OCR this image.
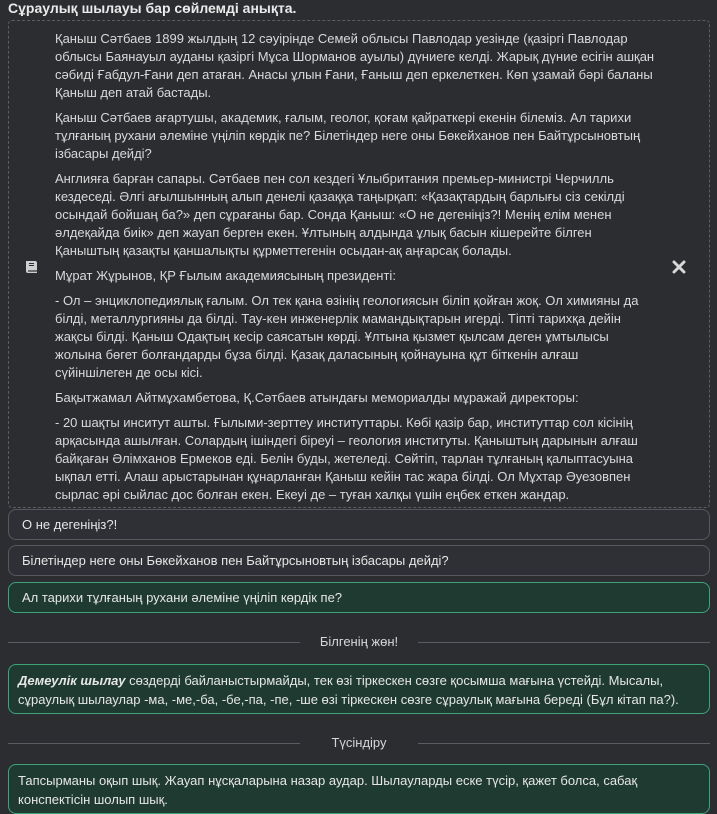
Сұраулық шылауы бар сөйлемді анықта.

Қаныш Сәтбаев 1899 жылдың 12 сәуірінде Семей облысы Павлодар уезінде (қазіргі Павлодар облысы Баянауыл ауданы қазіргі Мұса Шорманов ауылы) дүниеге келді. Жарық дүние есігін ашқан сәбиді Ғабдул-Ғани деп атаған. Анасы ұлын Ғани, Ғаныш деп еркелеткен. Көп ұзамай бәрі баланы Қаныш деп атай бастады.

Қаныш Сәтбаев ағартушы, академик, ғалым, геолог, қоғам қайраткері екенін білеміз. Ал тарихи тұлғаның рухани әлеміне үңіліп көрдік пе? Білетіндер неге оны Бөкейханов пен Байтұрсыновтың ізбасары дейді?

Англияға барған сапары. Сәтбаев пен сол кездегі Ұлыбритания премьер-министрі Черчилль кездеседі. Әлгі ағылшынның алып денелі қазаққа таңырқап: «Қазақтардың барлығы сіз секілді осындай бойшаң ба?» деп сұрағаны бар. Сонда Қаныш: «О не дегеніңіз?! Менің елім менен әлдеқайда биік» деп жауап берген екен. Ұлтының алдында ұлық басын кішерейте білген Қаныштың қазақты қаншалықты құрметтегенін осыдан-ақ аңғарсақ болады.

Мұрат Жұрынов, ҚР Ғылым академиясының президенті:

- Ол – энциклопедиялық ғалым. Ол тек қана өзінің геологиясын біліп қойған жоқ. Ол химияны да білді, металлургияны да білді. Тау-кен инженерлік мамандықтарын игерді. Тіпті тарихқа дейін жақсы білді. Қаныш Одақтың кесір саясатын көрді. Ұлтына қызмет қылсам деген ұмтылысы жолына бөгет болғандарды бұза білді. Қазақ даласының қойнауына құт біткенін алғаш сүйіншілеген де осы кісі.

Бақытжамал Айтмұхамбетова, Қ.Сәтбаев атындағы мемориалды мұражай директоры:

- 20 шақты инситут ашты. Ғылыми-зерттеу институттары. Көбі қазір бар, институттар сол кісінің арқасында ашылған. Солардың ішіндегі біреуі – геология институты. Қаныштың дарынын алғаш байқаған Әлімханов Ермеков еді. Белін буды, жетеледі. Сөйтіп, тарлан тұлғаның қалыптасуына ықпал етті. Алаш арыстарынан құнарланған Қаныш кейін тас жара білді. Ол Мұхтар Әуезовпен сырлас әрі сыйлас дос болған екен. Екеуі де – туған халқы үшін еңбек еткен жандар.

О не дегеніңіз?!
Білетіндер неге оны Бөкейханов пен Байтұрсыновтың ізбасары дейді?
Ал тарихи тұлғаның рухани әлеміне үңіліп көрдік пе?
Білгенің жөн!
Демеулік шылау сөздерді байланыстырмайды, тек өзі тіркескен сөзге қосымша мағына үстейді. Мысалы, сұраулық шылаулар -ма, -ме,-ба, -бе,-па, -пе, -ше өзі тіркескен сөзге сұраулық мағына береді (Бұл кітап па?).
Түсіндіру
Тапсырманы оқып шық. Жауап нұсқаларына назар аудар. Шылауларды еске түсір, қажет болса, сабақ конспектісін шолып шық.
